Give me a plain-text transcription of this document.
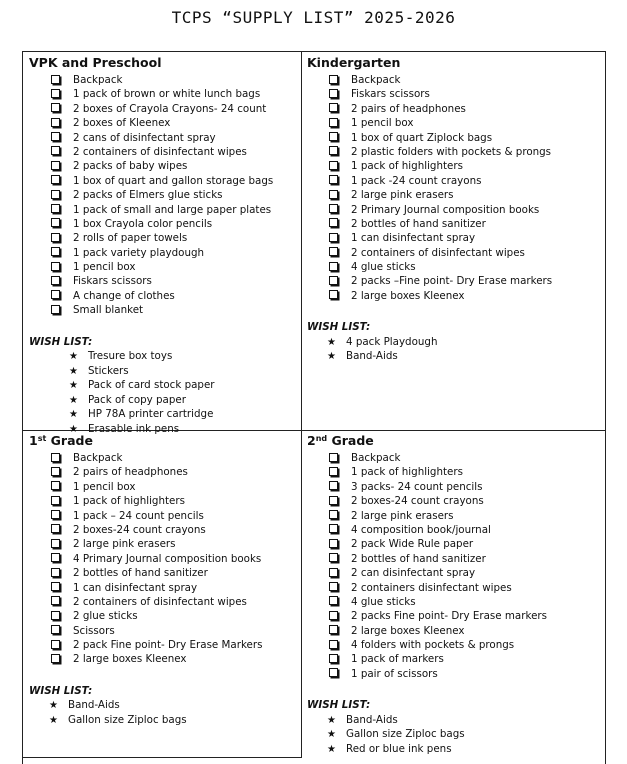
TCPS “SUPPLY LIST” 2025-2026
VPK and Preschool
Backpack
1 pack of brown or white lunch bags
2 boxes of Crayola Crayons- 24 count
2 boxes of Kleenex
2 cans of disinfectant spray
2 containers of disinfectant wipes
2 packs of baby wipes
1 box of quart and gallon storage bags
2 packs of Elmers glue sticks
1 pack of small and large paper plates
1 box Crayola color pencils
2 rolls of paper towels
1 pack variety playdough
1 pencil box
Fiskars scissors
A change of clothes
Small blanket
WISH LIST:
★ Tresure box toys
★ Stickers
★ Pack of card stock paper
★ Pack of copy paper
★ HP 78A printer cartridge
★ Erasable ink pens
Kindergarten
Backpack
Fiskars scissors
2 pairs of headphones
1 pencil box
1 box of quart Ziplock bags
2 plastic folders with pockets & prongs
1 pack of highlighters
1 pack -24 count crayons
2 large pink erasers
2 Primary Journal composition books
2 bottles of hand sanitizer
1 can disinfectant spray
2 containers of disinfectant wipes
4 glue sticks
2 packs –Fine point- Dry Erase markers
2 large boxes Kleenex
WISH LIST:
★ 4 pack Playdough
★ Band-Aids
1st Grade
Backpack
2 pairs of headphones
1 pencil box
1 pack of highlighters
1 pack – 24 count pencils
2 boxes-24 count crayons
2 large pink erasers
4 Primary Journal composition books
2 bottles of hand sanitizer
1 can disinfectant spray
2 containers of disinfectant wipes
2 glue sticks
Scissors
2 pack Fine point- Dry Erase Markers
2 large boxes Kleenex
WISH LIST:
★ Band-Aids
★ Gallon size Ziploc bags
2nd Grade
Backpack
1 pack of highlighters
3 packs- 24 count pencils
2 boxes-24 count crayons
2 large pink erasers
4 composition book/journal
2 pack Wide Rule paper
2 bottles of hand sanitizer
2 can disinfectant spray
2 containers disinfectant wipes
4 glue sticks
2 packs Fine point- Dry Erase markers
2 large boxes Kleenex
4 folders with pockets & prongs
1 pack of markers
1 pair of scissors
WISH LIST:
★ Band-Aids
★ Gallon size Ziploc bags
★ Red or blue ink pens
